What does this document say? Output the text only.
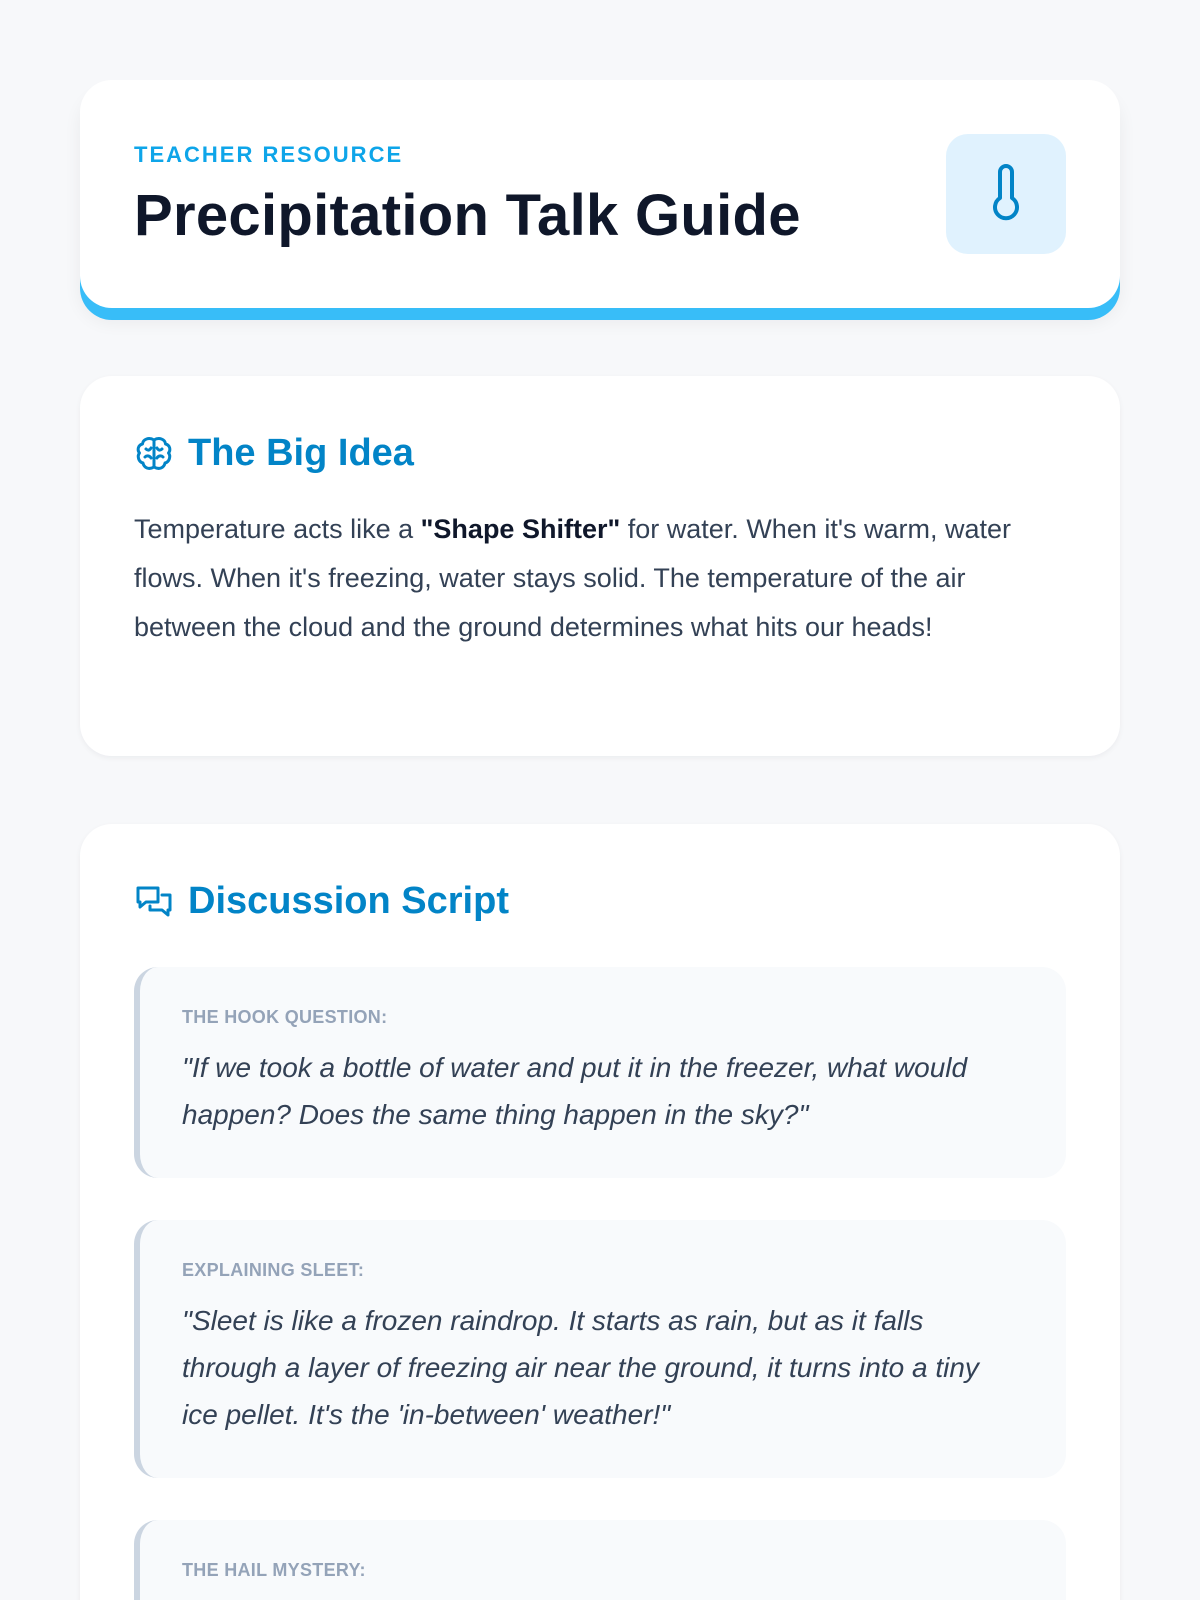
TEACHER RESOURCE
Precipitation Talk Guide
The Big Idea

Temperature acts like a "Shape Shifter" for water. When it's warm, water flows. When it's freezing, water stays solid. The temperature of the air between the cloud and the ground determines what hits our heads!

Discussion Script
THE HOOK QUESTION:
"If we took a bottle of water and put it in the freezer, what would happen? Does the same thing happen in the sky?"
EXPLAINING SLEET:
"Sleet is like a frozen raindrop. It starts as rain, but as it falls through a layer of freezing air near the ground, it turns into a tiny ice pellet. It's the 'in-between' weather!"
THE HAIL MYSTERY:
